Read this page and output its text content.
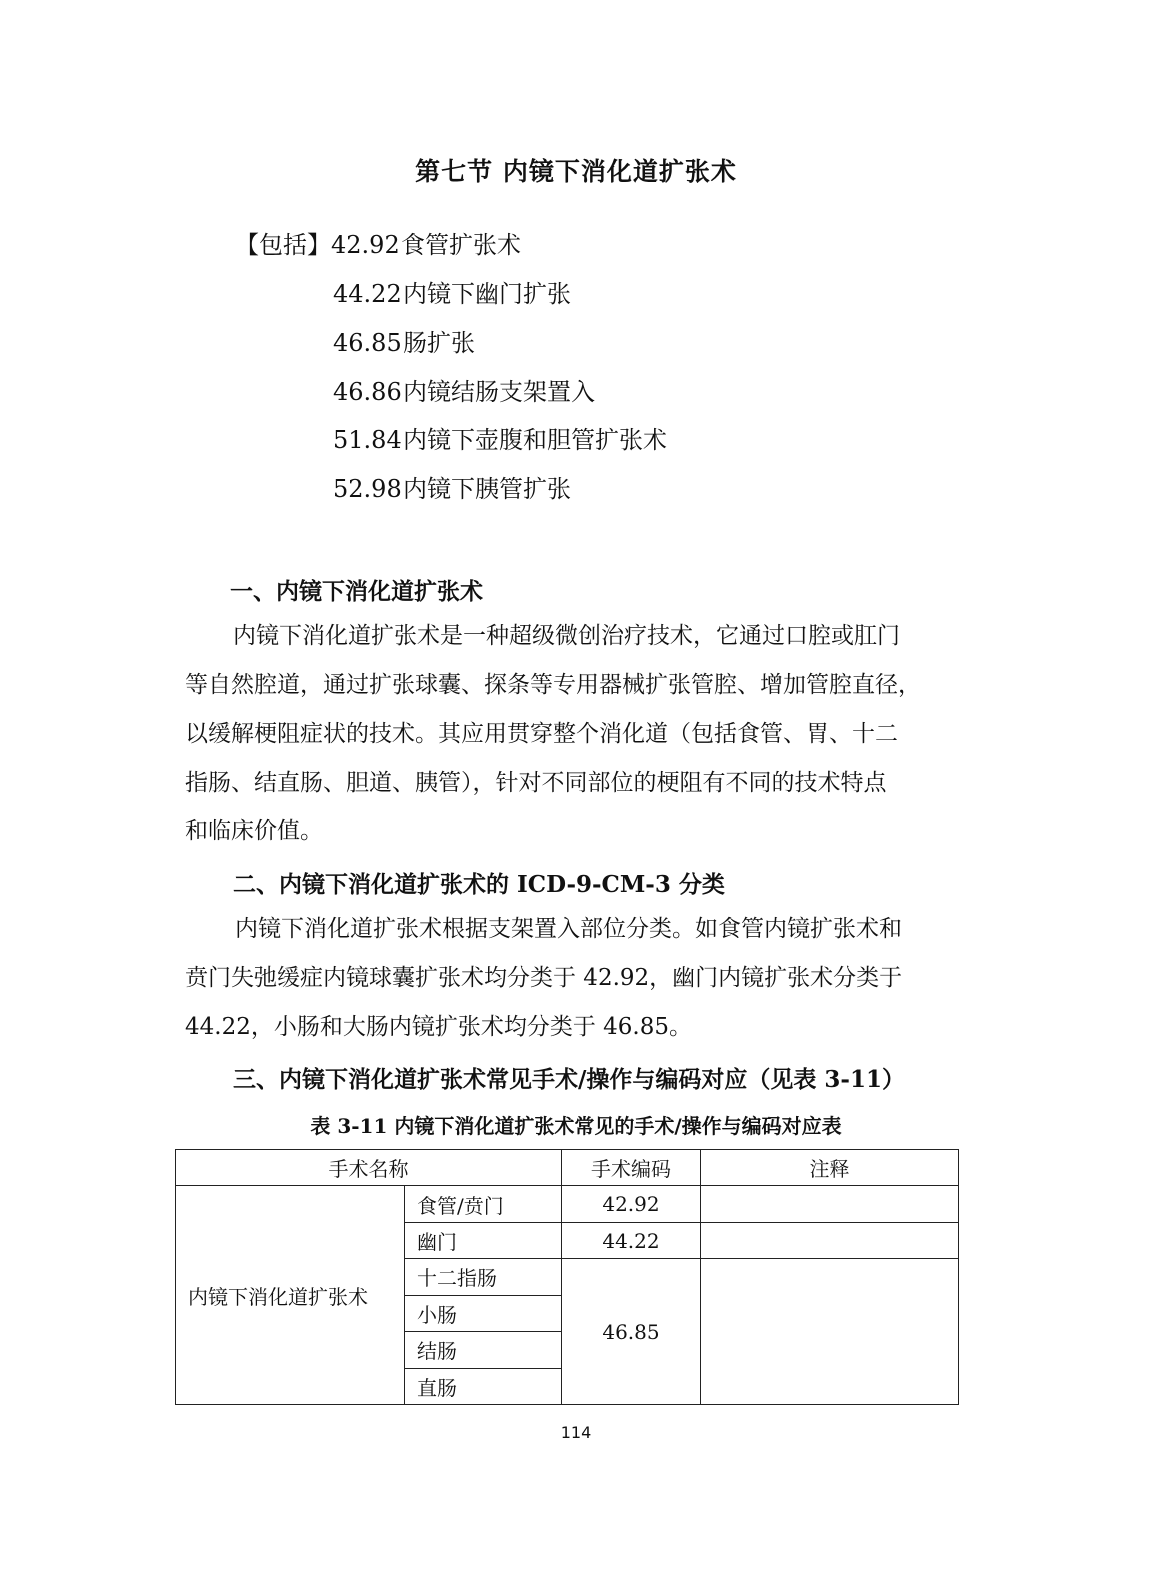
第七节 内镜下消化道扩张术
【包括】42.92食管扩张术
44.22内镜下幽门扩张
46.85肠扩张
46.86内镜结肠支架置入
51.84内镜下壶腹和胆管扩张术
52.98内镜下胰管扩张
一、内镜下消化道扩张术
内镜下消化道扩张术是一种超级微创治疗技术，它通过口腔或肛门
等自然腔道，通过扩张球囊、探条等专用器械扩张管腔、增加管腔直径，
以缓解梗阻症状的技术。其应用贯穿整个消化道（包括食管、胃、十二
指肠、结直肠、胆道、胰管），针对不同部位的梗阻有不同的技术特点
和临床价值。
二、内镜下消化道扩张术的 ICD-9-CM-3 分类
内镜下消化道扩张术根据支架置入部位分类。如食管内镜扩张术和
贲门失弛缓症内镜球囊扩张术均分类于 42.92，幽门内镜扩张术分类于
44.22，小肠和大肠内镜扩张术均分类于 46.85。
三、内镜下消化道扩张术常见手术/操作与编码对应（见表 3-11）
表 3-11 内镜下消化道扩张术常见的手术/操作与编码对应表
手术名称		手术编码	注释
内镜下消化道扩张术	食管/贲门	42.92	
	幽门	44.22	
	十二指肠	46.85	
	小肠		
	结肠		
	直肠		
114
